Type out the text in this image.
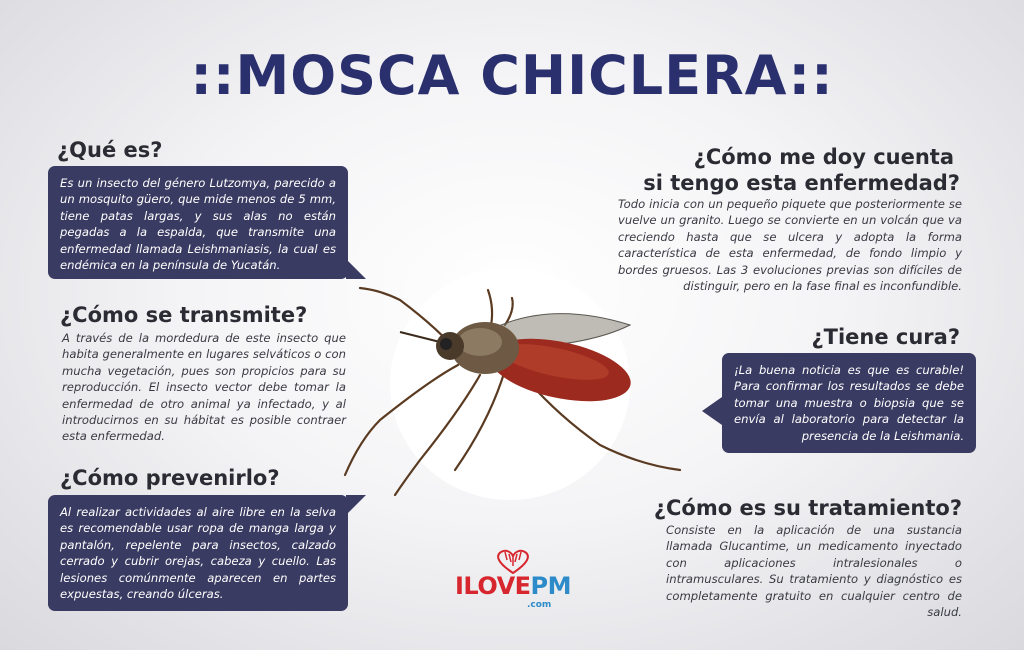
::MOSCA CHICLERA::
¿Qué es?
Es un insecto del género Lutzomya, parecido a un mosquito güero, que mide menos de 5 mm, tiene patas largas, y sus alas no están pegadas a la espalda, que transmite una enfermedad llamada Leishmaniasis, la cual es endémica en la península de Yucatán.
¿Cómo se transmite?
A través de la mordedura de este insecto que habita generalmente en lugares selváticos o con mucha vegetación, pues son propicios para su reproducción. El insecto vector debe tomar la enfermedad de otro animal ya infectado, y al introducirnos en su hábitat es posible contraer esta enfermedad.
¿Cómo prevenirlo?
Al realizar actividades al aire libre en la selva es recomendable usar ropa de manga larga y pantalón, repelente para insectos, calzado cerrado y cubrir orejas, cabeza y cuello. Las lesiones comúnmente aparecen en partes expuestas, creando úlceras.
¿Cómo me doy cuenta
si tengo esta enfermedad?
Todo inicia con un pequeño piquete que posteriormente se vuelve un granito. Luego se convierte en un volcán que va creciendo hasta que se ulcera y adopta la forma característica de esta enfermedad, de fondo limpio y bordes gruesos. Las 3 evoluciones previas son difíciles de distinguir, pero en la fase final es inconfundible.
¿Tiene cura?
¡La buena noticia es que es curable! Para confirmar los resultados se debe tomar una muestra o biopsia que se envía al laboratorio para detectar la presencia de la Leishmania.
¿Cómo es su tratamiento?
Consiste en la aplicación de una sustancia llamada Glucantime, un medicamento inyectado con aplicaciones intralesionales o intramusculares. Su tratamiento y diagnóstico es completamente gratuito en cualquier centro de salud.
ILOVEPM
.com
